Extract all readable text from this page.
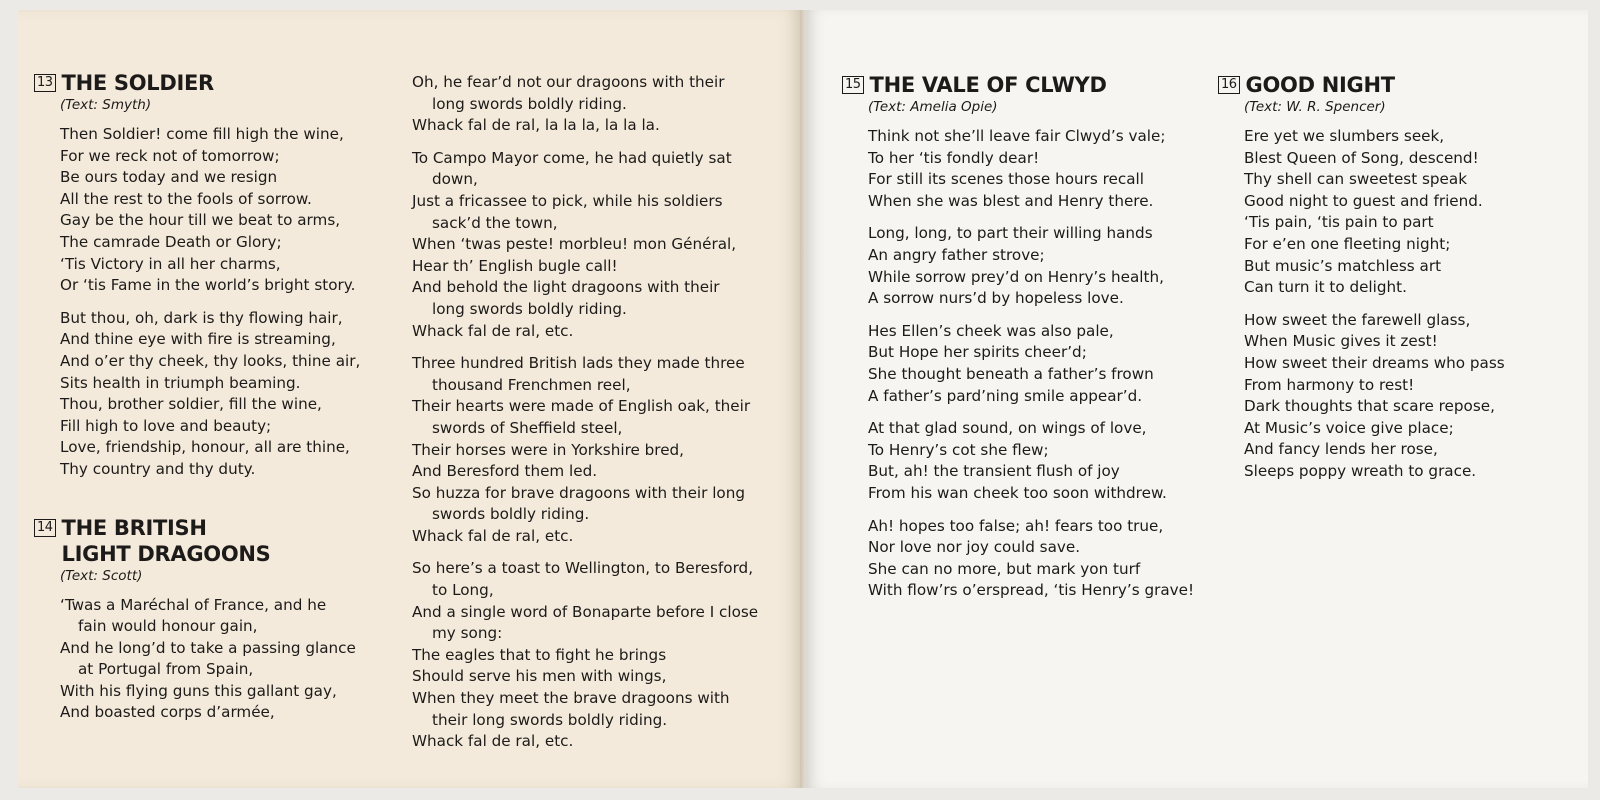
13 THE SOLDIER
(Text: Smyth)
Then Soldier! come fill high the wine,
For we reck not of tomorrow;
Be ours today and we resign
All the rest to the fools of sorrow.
Gay be the hour till we beat to arms,
The camrade Death or Glory;
‘Tis Victory in all her charms,
Or ‘tis Fame in the world’s bright story.
But thou, oh, dark is thy flowing hair,
And thine eye with fire is streaming,
And o’er thy cheek, thy looks, thine air,
Sits health in triumph beaming.
Thou, brother soldier, fill the wine,
Fill high to love and beauty;
Love, friendship, honour, all are thine,
Thy country and thy duty.
14 THE BRITISH
LIGHT DRAGOONS
(Text: Scott)
‘Twas a Maréchal of France, and he
fain would honour gain,
And he long’d to take a passing glance
at Portugal from Spain,
With his flying guns this gallant gay,
And boasted corps d’armée,
Oh, he fear’d not our dragoons with their
long swords boldly riding.
Whack fal de ral, la la la, la la la.
To Campo Mayor come, he had quietly sat
down,
Just a fricassee to pick, while his soldiers
sack’d the town,
When ‘twas peste! morbleu! mon Général,
Hear th’ English bugle call!
And behold the light dragoons with their
long swords boldly riding.
Whack fal de ral, etc.
Three hundred British lads they made three
thousand Frenchmen reel,
Their hearts were made of English oak, their
swords of Sheffield steel,
Their horses were in Yorkshire bred,
And Beresford them led.
So huzza for brave dragoons with their long
swords boldly riding.
Whack fal de ral, etc.
So here’s a toast to Wellington, to Beresford,
to Long,
And a single word of Bonaparte before I close
my song:
The eagles that to fight he brings
Should serve his men with wings,
When they meet the brave dragoons with
their long swords boldly riding.
Whack fal de ral, etc.
15 THE VALE OF CLWYD
(Text: Amelia Opie)
Think not she’ll leave fair Clwyd’s vale;
To her ‘tis fondly dear!
For still its scenes those hours recall
When she was blest and Henry there.
Long, long, to part their willing hands
An angry father strove;
While sorrow prey’d on Henry’s health,
A sorrow nurs’d by hopeless love.
Hes Ellen’s cheek was also pale,
But Hope her spirits cheer’d;
She thought beneath a father’s frown
A father’s pard’ning smile appear’d.
At that glad sound, on wings of love,
To Henry’s cot she flew;
But, ah! the transient flush of joy
From his wan cheek too soon withdrew.
Ah! hopes too false; ah! fears too true,
Nor love nor joy could save.
She can no more, but mark yon turf
With flow’rs o’erspread, ‘tis Henry’s grave!
16 GOOD NIGHT
(Text: W. R. Spencer)
Ere yet we slumbers seek,
Blest Queen of Song, descend!
Thy shell can sweetest speak
Good night to guest and friend.
‘Tis pain, ‘tis pain to part
For e’en one fleeting night;
But music’s matchless art
Can turn it to delight.
How sweet the farewell glass,
When Music gives it zest!
How sweet their dreams who pass
From harmony to rest!
Dark thoughts that scare repose,
At Music’s voice give place;
And fancy lends her rose,
Sleeps poppy wreath to grace.
